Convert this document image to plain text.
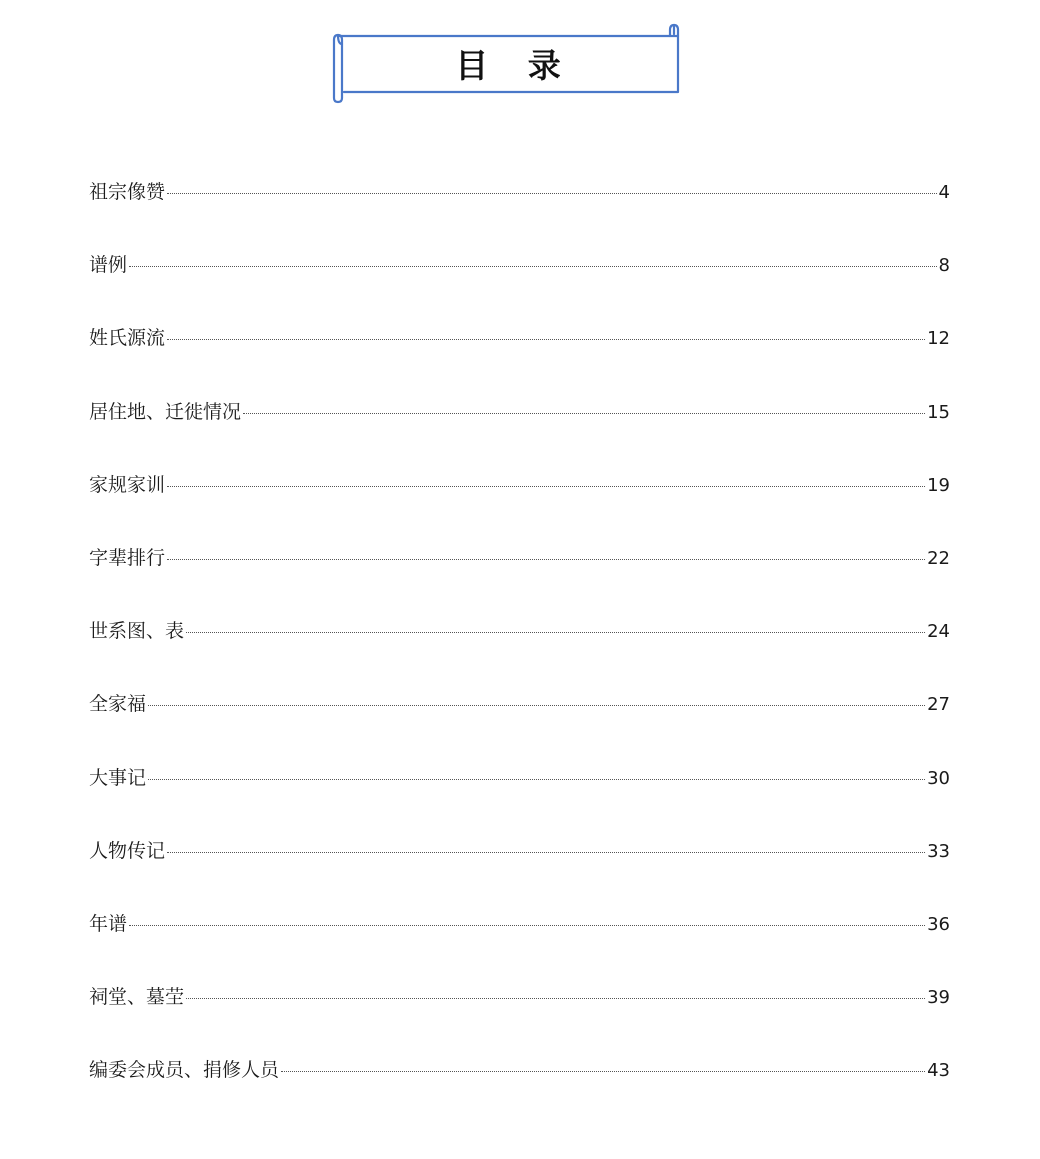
目 录
祖宗像赞	4
谱例	8
姓氏源流	12
居住地、迁徙情况	15
家规家训	19
字辈排行	22
世系图、表	24
全家福	27
大事记	30
人物传记	33
年谱	36
祠堂、墓茔	39
编委会成员、捐修人员	43
